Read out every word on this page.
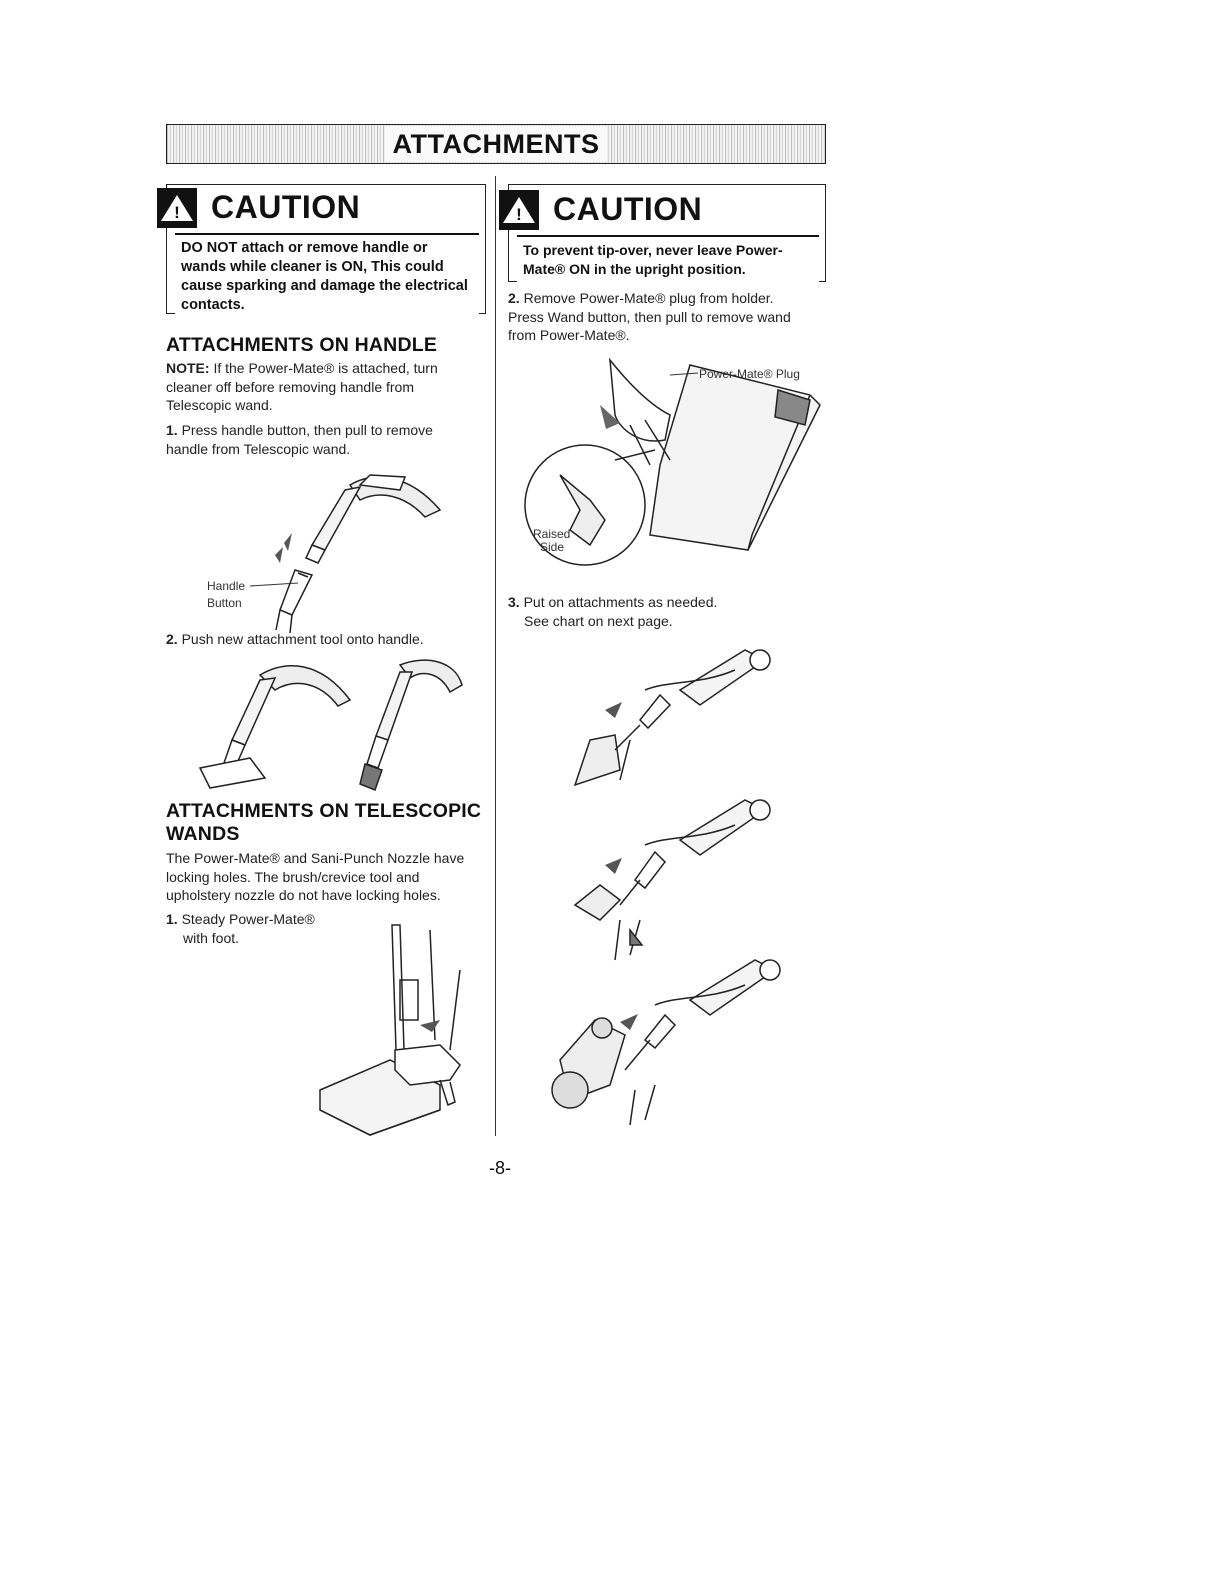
ATTACHMENTS
! CAUTION
DO NOT attach or remove handle or wands while cleaner is ON, This could cause sparking and damage the electrical contacts.
! CAUTION
To prevent tip-over, never leave Power-Mate® ON in the upright position.
ATTACHMENTS ON HANDLE
NOTE: If the Power-Mate® is attached, turn cleaner off before removing handle from Telescopic wand.
1. Press handle button, then pull to remove handle from Telescopic wand.
Handle
Button
2. Push new attachment tool onto handle.
ATTACHMENTS ON TELESCOPIC
WANDS
The Power-Mate® and Sani-Punch Nozzle have locking holes. The brush/crevice tool and upholstery nozzle do not have locking holes.
1. Steady Power-Mate®
with foot.
2. Remove Power-Mate® plug from holder. Press Wand button, then pull to remove wand from Power-Mate®.
Power-Mate® Plug
Raised
Side
3. Put on attachments as needed.
See chart on next page.
-8-
